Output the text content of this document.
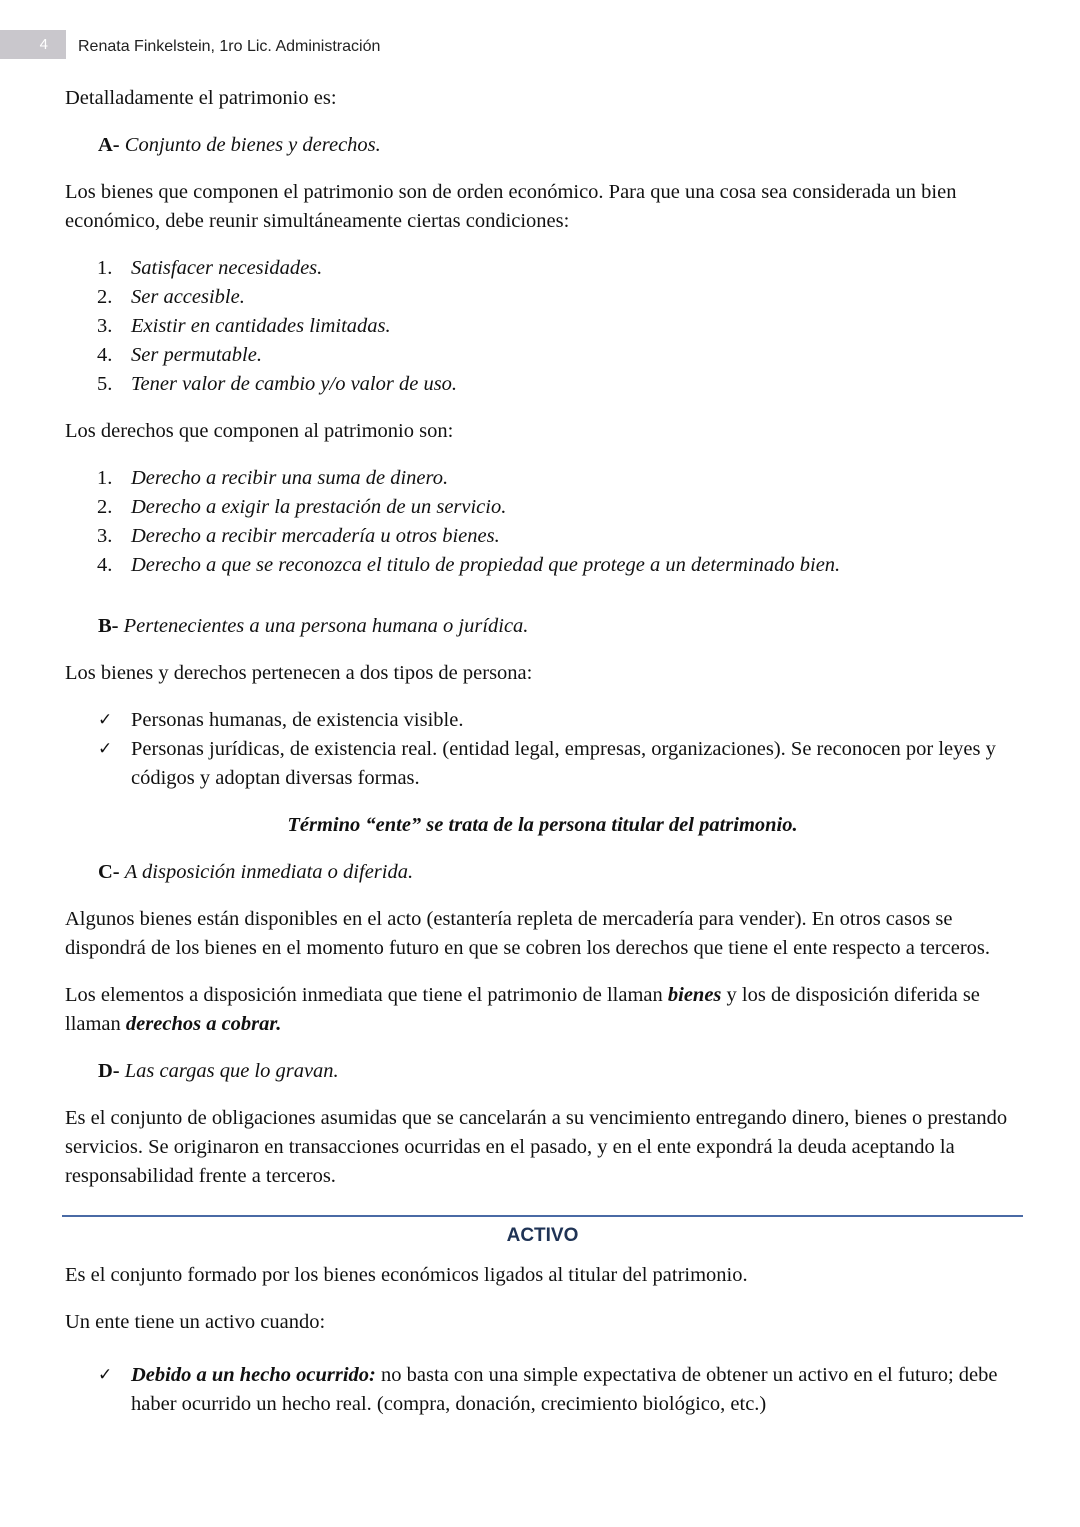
4	Renata Finkelstein, 1ro Lic. Administración

Detalladamente el patrimonio es:

A- Conjunto de bienes y derechos.

Los bienes que componen el patrimonio son de orden económico. Para que una cosa sea considerada un bien económico, debe reunir simultáneamente ciertas condiciones:

1. Satisfacer necesidades.
2. Ser accesible.
3. Existir en cantidades limitadas.
4. Ser permutable.
5. Tener valor de cambio y/o valor de uso.

Los derechos que componen al patrimonio son:

1. Derecho a recibir una suma de dinero.
2. Derecho a exigir la prestación de un servicio.
3. Derecho a recibir mercadería u otros bienes.
4. Derecho a que se reconozca el titulo de propiedad que protege a un determinado bien.

B- Pertenecientes a una persona humana o jurídica.

Los bienes y derechos pertenecen a dos tipos de persona:

✓ Personas humanas, de existencia visible.
✓ Personas jurídicas, de existencia real. (entidad legal, empresas, organizaciones). Se reconocen por leyes y códigos y adoptan diversas formas.

Término “ente” se trata de la persona titular del patrimonio.

C- A disposición inmediata o diferida.

Algunos bienes están disponibles en el acto (estantería repleta de mercadería para vender). En otros casos se dispondrá de los bienes en el momento futuro en que se cobren los derechos que tiene el ente respecto a terceros.

Los elementos a disposición inmediata que tiene el patrimonio de llaman bienes y los de disposición diferida se llaman derechos a cobrar.

D- Las cargas que lo gravan.

Es el conjunto de obligaciones asumidas que se cancelarán a su vencimiento entregando dinero, bienes o prestando servicios. Se originaron en transacciones ocurridas en el pasado, y en el ente expondrá la deuda aceptando la responsabilidad frente a terceros.

ACTIVO

Es el conjunto formado por los bienes económicos ligados al titular del patrimonio.

Un ente tiene un activo cuando:

✓ Debido a un hecho ocurrido: no basta con una simple expectativa de obtener un activo en el futuro; debe haber ocurrido un hecho real. (compra, donación, crecimiento biológico, etc.)
